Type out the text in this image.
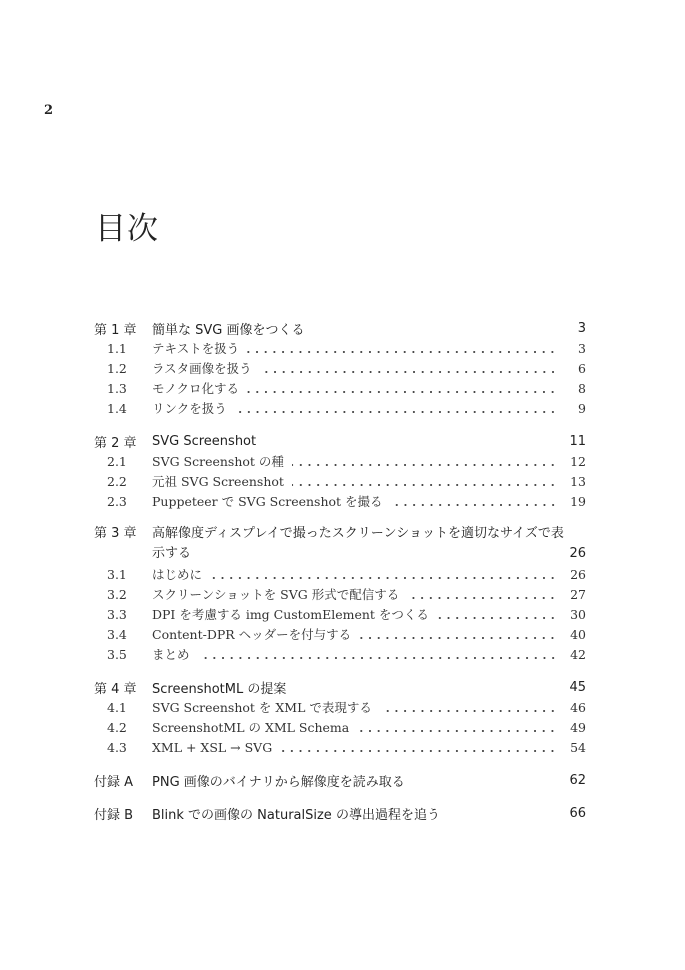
2
目次
第 1 章	簡単な SVG 画像をつくる	3
1.1	テキストを扱う	3
1.2	ラスタ画像を扱う	6
1.3	モノクロ化する	8
1.4	リンクを扱う	9
第 2 章	SVG Screenshot	11
2.1	SVG Screenshot の種	12
2.2	元祖 SVG Screenshot	13
2.3	Puppeteer で SVG Screenshot を撮る	19
第 3 章	高解像度ディスプレイで撮ったスクリーンショットを適切なサイズで表
示する	26
3.1	はじめに	26
3.2	スクリーンショットを SVG 形式で配信する	27
3.3	DPI を考慮する img CustomElement をつくる	30
3.4	Content-DPR ヘッダーを付与する	40
3.5	まとめ	42
第 4 章	ScreenshotML の提案	45
4.1	SVG Screenshot を XML で表現する	46
4.2	ScreenshotML の XML Schema	49
4.3	XML + XSL → SVG	54
付録 A	PNG 画像のバイナリから解像度を読み取る	62
付録 B	Blink での画像の NaturalSize の導出過程を追う	66
